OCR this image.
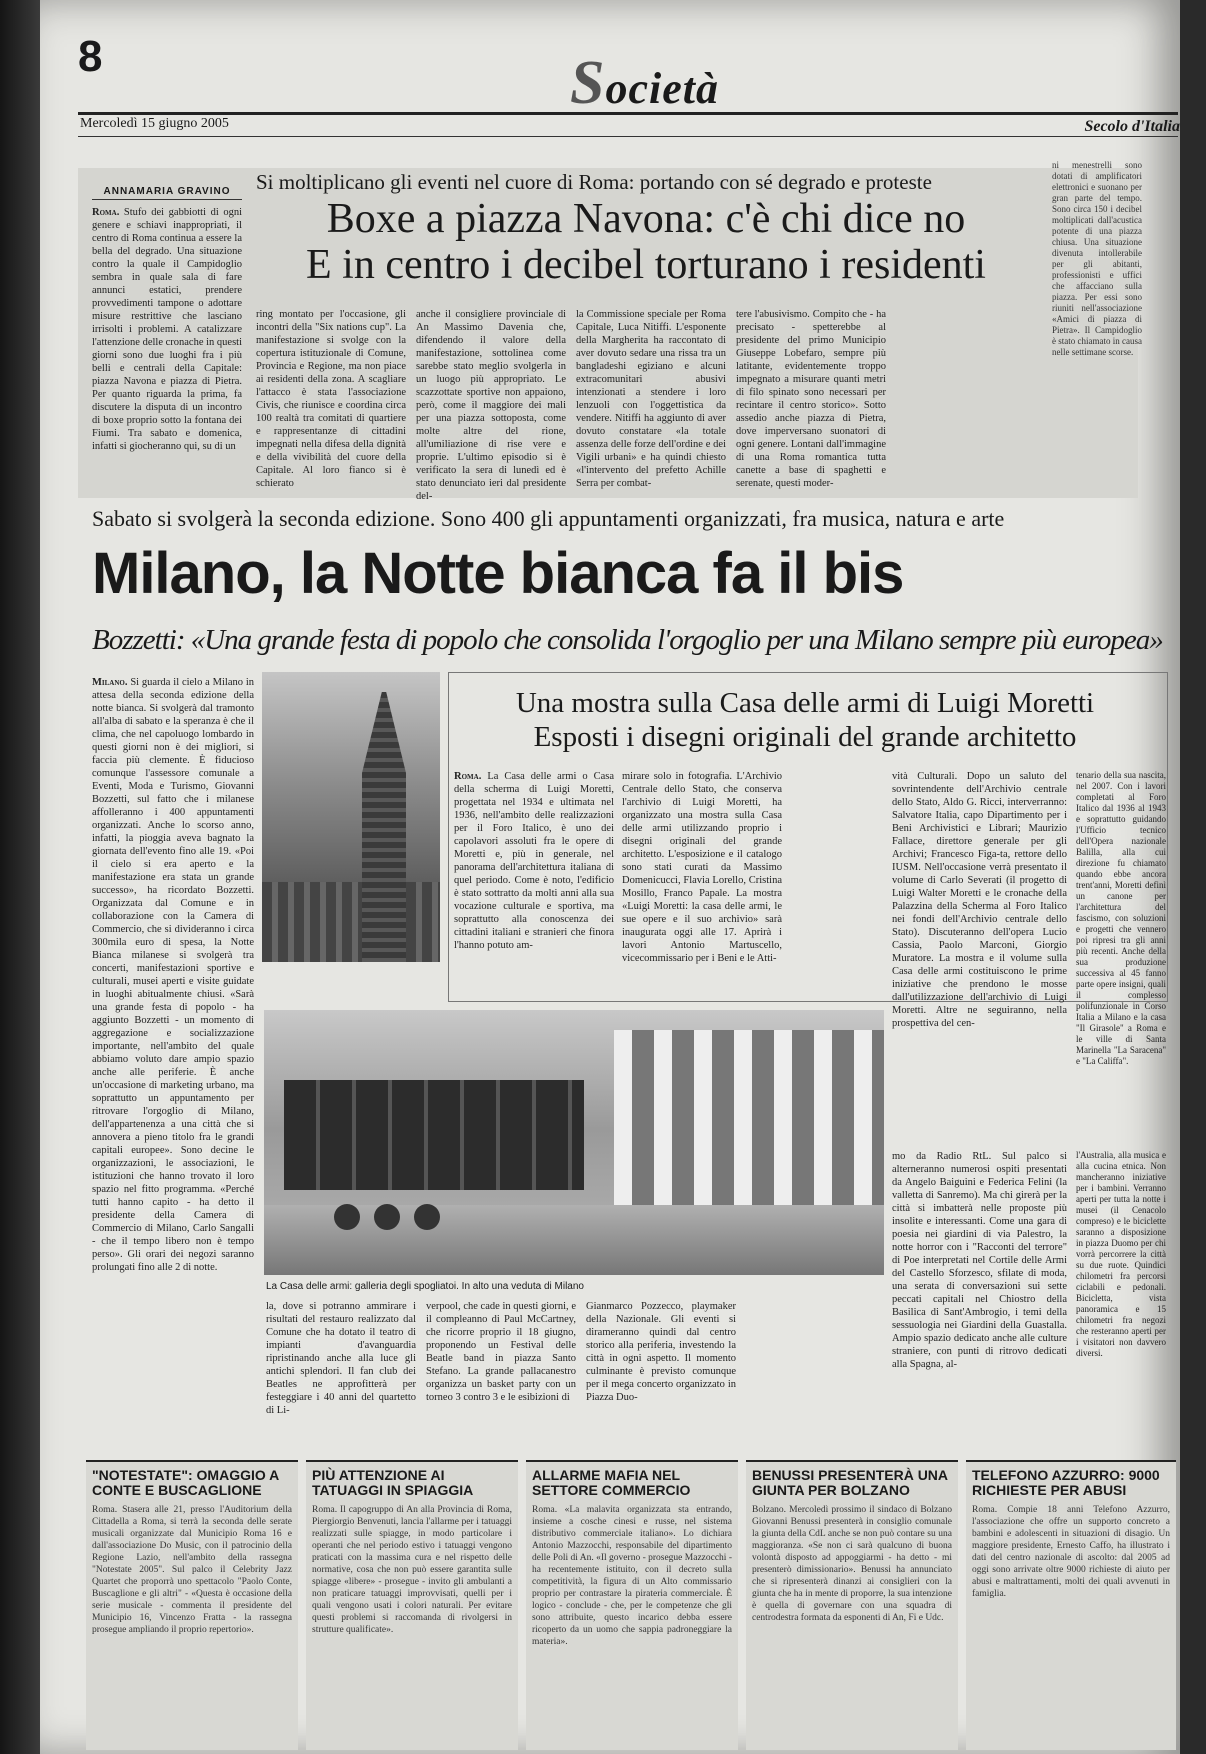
8	Società
Mercoledì 15 giugno 2005	Secolo d'Italia
ANNAMARIA GRAVINO	Si moltiplicano gli eventi nel cuore di Roma: portando con sé degrado e proteste
Boxe a piazza Navona: c'è chi dice no
E in centro i decibel torturano i residenti
Roma. Stufo dei gabbiotti di ogni genere e schiavi inappropriati, il centro di Roma continua a essere la bella del degrado. Una situazione contro la quale il Campidoglio sembra in quale sala di fare annunci estatici, prendere provvedimenti tampone o adottare misure restrittive che lasciano irrisolti i problemi. A catalizzare l'attenzione delle cronache in questi giorni sono due luoghi fra i più belli e centrali della Capitale: piazza Navona e piazza di Pietra. Per quanto riguarda la prima, fa discutere la disputa di un incontro di boxe proprio sotto la fontana dei Fiumi. Tra sabato e domenica, infatti si giocheranno qui, su di un
ring montato per l'occasione, gli incontri della "Six nations cup". La manifestazione si svolge con la copertura istituzionale di Comune, Provincia e Regione, ma non piace ai residenti della zona. A scagliare l'attacco è stata l'associazione Civis, che riunisce e coordina circa 100 realtà tra comitati di quartiere e rappresentanze di cittadini impegnati nella difesa della dignità e della vivibilità del cuore della Capitale. Al loro fianco si è schierato
anche il consigliere provinciale di An Massimo Davenia che, difendendo il valore della manifestazione, sottolinea come sarebbe stato meglio svolgerla in un luogo più appropriato. Le scazzottate sportive non appaiono, però, come il maggiore dei mali per una piazza sottoposta, come molte altre del rione, all'umiliazione di rise vere e proprie. L'ultimo episodio si è verificato la sera di lunedì ed è stato denunciato ieri dal presidente del-
la Commissione speciale per Roma Capitale, Luca Nitiffi. L'esponente della Margherita ha raccontato di aver dovuto sedare una rissa tra un bangladeshi egiziano e alcuni extracomunitari abusivi intenzionati a stendere i loro lenzuoli con l'oggettistica da vendere. Nitiffi ha aggiunto di aver dovuto constatare «la totale assenza delle forze dell'ordine e dei Vigili urbani» e ha quindi chiesto «l'intervento del prefetto Achille Serra per combat-
tere l'abusivismo. Compito che - ha precisato - spetterebbe al presidente del primo Municipio Giuseppe Lobefaro, sempre più latitante, evidentemente troppo impegnato a misurare quanti metri di filo spinato sono necessari per recintare il centro storico». Sotto assedio anche piazza di Pietra, dove imperversano suonatori di ogni genere. Lontani dall'immagine di una Roma romantica tutta canette a base di spaghetti e serenate, questi moder-
ni menestrelli sono dotati di amplificatori elettronici e suonano per gran parte del tempo. Sono circa 150 i decibel moltiplicati dall'acustica potente di una piazza chiusa. Una situazione divenuta intollerabile per gli abitanti, professionisti e uffici che affacciano sulla piazza. Per essi sono riuniti nell'associazione «Amici di piazza di Pietra». Il Campidoglio è stato chiamato in causa nelle settimane scorse.
Sabato si svolgerà la seconda edizione. Sono 400 gli appuntamenti organizzati, fra musica, natura e arte
Milano, la Notte bianca fa il bis
Bozzetti: «Una grande festa di popolo che consolida l'orgoglio per una Milano sempre più europea»
Milano. Si guarda il cielo a Milano in attesa della seconda edizione della notte bianca. Si svolgerà dal tramonto all'alba di sabato e la speranza è che il clima, che nel capoluogo lombardo in questi giorni non è dei migliori, si faccia più clemente. È fiducioso comunque l'assessore comunale a Eventi, Moda e Turismo, Giovanni Bozzetti, sul fatto che i milanese affolleranno i 400 appuntamenti organizzati. Anche lo scorso anno, infatti, la pioggia aveva bagnato la giornata dell'evento fino alle 19. «Poi il cielo si era aperto e la manifestazione era stata un grande successo», ha ricordato Bozzetti. Organizzata dal Comune e in collaborazione con la Camera di Commercio, che si divideranno i circa 300mila euro di spesa, la Notte Bianca milanese si svolgerà tra concerti, manifestazioni sportive e culturali, musei aperti e visite guidate in luoghi abitualmente chiusi. «Sarà una grande festa di popolo - ha aggiunto Bozzetti - un momento di aggregazione e socializzazione importante, nell'ambito del quale abbiamo voluto dare ampio spazio anche alle periferie. È anche un'occasione di marketing urbano, ma soprattutto un appuntamento per ritrovare l'orgoglio di Milano, dell'appartenenza a una città che si annovera a pieno titolo fra le grandi capitali europee». Sono decine le organizzazioni, le associazioni, le istituzioni che hanno trovato il loro spazio nel fitto programma. «Perché tutti hanno capito - ha detto il presidente della Camera di Commercio di Milano, Carlo Sangalli - che il tempo libero non è tempo perso». Gli orari dei negozi saranno prolungati fino alle 2 di notte.
Una mostra sulla Casa delle armi di Luigi Moretti
Esposti i disegni originali del grande architetto
Roma. La Casa delle armi o Casa della scherma di Luigi Moretti, progettata nel 1934 e ultimata nel 1936, nell'ambito delle realizzazioni per il Foro Italico, è uno dei capolavori assoluti fra le opere di Moretti e, più in generale, nel panorama dell'architettura italiana di quel periodo. Come è noto, l'edificio è stato sottratto da molti anni alla sua vocazione culturale e sportiva, ma soprattutto alla conoscenza dei cittadini italiani e stranieri che finora l'hanno potuto am-
mirare solo in fotografia. L'Archivio Centrale dello Stato, che conserva l'archivio di Luigi Moretti, ha organizzato una mostra sulla Casa delle armi utilizzando proprio i disegni originali del grande architetto. L'esposizione e il catalogo sono stati curati da Massimo Domenicucci, Flavia Lorello, Cristina Mosillo, Franco Papale. La mostra «Luigi Moretti: la casa delle armi, le sue opere e il suo archivio» sarà inaugurata oggi alle 17. Aprirà i lavori Antonio Martuscello, vicecommissario per i Beni e le Atti-
vità Culturali. Dopo un saluto del sovrintendente dell'Archivio centrale dello Stato, Aldo G. Ricci, interverranno: Salvatore Italia, capo Dipartimento per i Beni Archivistici e Librari; Maurizio Fallace, direttore generale per gli Archivi; Francesco Figa-ta, rettore dello IUSM. Nell'occasione verrà presentato il volume di Carlo Severati (il progetto di Luigi Walter Moretti e le cronache della Palazzina della Scherma al Foro Italico nei fondi dell'Archivio centrale dello Stato). Discuteranno dell'opera Lucio Cassia, Paolo Marconi, Giorgio Muratore. La mostra e il volume sulla Casa delle armi costituiscono le prime iniziative che prendono le mosse dall'utilizzazione dell'archivio di Luigi Moretti. Altre ne seguiranno, nella prospettiva del cen-
tenario della sua nascita, nel 2007. Con i lavori completati al Foro Italico dal 1936 al 1943 e soprattutto guidando l'Ufficio tecnico dell'Opera nazionale Balilla, alla cui direzione fu chiamato quando ebbe ancora trent'anni, Moretti definì un canone per l'architettura del fascismo, con soluzioni e progetti che vennero poi ripresi tra gli anni più recenti. Anche della sua produzione successiva al 45 fanno parte opere insigni, quali il complesso polifunzionale in Corso Italia a Milano e la casa "Il Girasole" a Roma e le ville di Santa Marinella "La Saracena" e "La Califfa".
La Casa delle armi: galleria degli spogliatoi. In alto una veduta di Milano
la, dove si potranno ammirare i risultati del restauro realizzato dal Comune che ha dotato il teatro di impianti d'avanguardia ripristinando anche alla luce gli antichi splendori. Il fan club dei Beatles ne approfitterà per festeggiare i 40 anni del quartetto di Li-
verpool, che cade in questi giorni, e il compleanno di Paul McCartney, che ricorre proprio il 18 giugno, proponendo un Festival delle Beatle band in piazza Santo Stefano. La grande pallacanestro organizza un basket party con un torneo 3 contro 3 e le esibizioni di
Gianmarco Pozzecco, playmaker della Nazionale. Gli eventi si dirameranno quindi dal centro storico alla periferia, investendo la città in ogni aspetto. Il momento culminante è previsto comunque per il mega concerto organizzato in Piazza Duo-
mo da Radio RtL. Sul palco si alterneranno numerosi ospiti presentati da Angelo Baiguini e Federica Felini (la valletta di Sanremo). Ma chi girerà per la città si imbatterà nelle proposte più insolite e interessanti. Come una gara di poesia nei giardini di via Palestro, la notte horror con i "Racconti del terrore" di Poe interpretati nel Cortile delle Armi del Castello Sforzesco, sfilate di moda, una serata di conversazioni sui sette peccati capitali nel Chiostro della Basilica di Sant'Ambrogio, i temi della sessuologia nei Giardini della Guastalla. Ampio spazio dedicato anche alle culture straniere, con punti di ritrovo dedicati alla Spagna, al-
l'Australia, alla musica e alla cucina etnica. Non mancheranno iniziative per i bambini. Verranno aperti per tutta la notte i musei (il Cenacolo compreso) e le biciclette saranno a disposizione in piazza Duomo per chi vorrà percorrere la città su due ruote. Quindici chilometri fra percorsi ciclabili e pedonali. Bicicletta, vista panoramica e 15 chilometri fra negozi che resteranno aperti per i visitatori non davvero diversi.
"NOTESTATE": OMAGGIO A CONTE E BUSCAGLIONE

Roma. Stasera alle 21, presso l'Auditorium della Cittadella a Roma, si terrà la seconda delle serate musicali organizzate dal Municipio Roma 16 e dall'associazione Do Music, con il patrocinio della Regione Lazio, nell'ambito della rassegna "Notestate 2005". Sul palco il Celebrity Jazz Quartet che proporrà uno spettacolo "Paolo Conte, Buscaglione e gli altri" - «Questa è occasione della serie musicale - commenta il presidente del Municipio 16, Vincenzo Fratta - la rassegna prosegue ampliando il proprio repertorio».

PIÙ ATTENZIONE AI TATUAGGI IN SPIAGGIA

Roma. Il capogruppo di An alla Provincia di Roma, Piergiorgio Benvenuti, lancia l'allarme per i tatuaggi realizzati sulle spiagge, in modo particolare i operanti che nel periodo estivo i tatuaggi vengono praticati con la massima cura e nel rispetto delle normative, cosa che non può essere garantita sulle spiagge «libere» - prosegue - invito gli ambulanti a non praticare tatuaggi improvvisati, quelli per i quali vengono usati i colori naturali. Per evitare questi problemi si raccomanda di rivolgersi in strutture qualificate».

ALLARME MAFIA NEL SETTORE COMMERCIO

Roma. «La malavita organizzata sta entrando, insieme a cosche cinesi e russe, nel sistema distributivo commerciale italiano». Lo dichiara Antonio Mazzocchi, responsabile del dipartimento delle Poli di An. «Il governo - prosegue Mazzocchi - ha recentemente istituito, con il decreto sulla competitività, la figura di un Alto commissario proprio per contrastare la pirateria commerciale. È logico - conclude - che, per le competenze che gli sono attribuite, questo incarico debba essere ricoperto da un uomo che sappia padroneggiare la materia».

BENUSSI PRESENTERÀ UNA GIUNTA PER BOLZANO

Bolzano. Mercoledì prossimo il sindaco di Bolzano Giovanni Benussi presenterà in consiglio comunale la giunta della CdL anche se non può contare su una maggioranza. «Se non ci sarà qualcuno di buona volontà disposto ad appoggiarmi - ha detto - mi presenterò dimissionario». Benussi ha annunciato che si ripresenterà dinanzi ai consiglieri con la giunta che ha in mente di proporre, la sua intenzione è quella di governare con una squadra di centrodestra formata da esponenti di An, Fi e Udc.

TELEFONO AZZURRO: 9000 RICHIESTE PER ABUSI

Roma. Compie 18 anni Telefono Azzurro, l'associazione che offre un supporto concreto a bambini e adolescenti in situazioni di disagio. Un maggiore presidente, Ernesto Caffo, ha illustrato i dati del centro nazionale di ascolto: dal 2005 ad oggi sono arrivate oltre 9000 richieste di aiuto per abusi e maltrattamenti, molti dei quali avvenuti in famiglia.
